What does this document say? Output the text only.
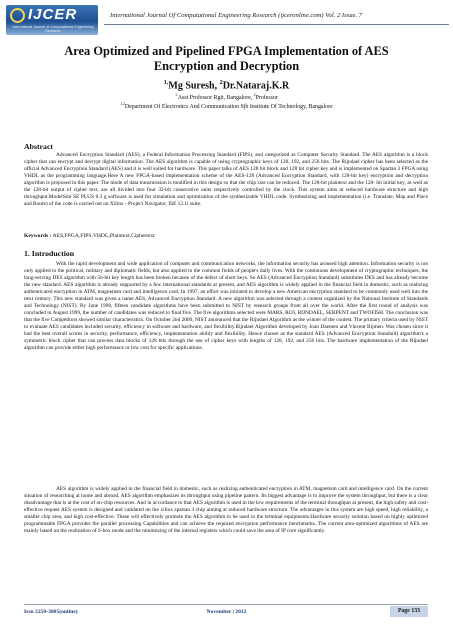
IJCER
International Journal of Computational Engineering Research
International Journal Of Computational Engineering Research (ijceronline.com) Vol. 2 Issue. 7
Area Optimized and Pipelined FPGA Implementation of AES Encryption and Decryption
$^{1,}$Mg Suresh, $^2$Dr.Nataraj.K.R
$^{1,}$Asst Professor Rgit, Bangalore, $^2$Professor
$^{1,2}$Department Of Electronics And Communication Sjb Institute Of Technology, Bangalore
Abstract

Advanced Encryption Standard (AES), a Federal Information Processing Standard (FIPS), and categorized as Computer Security Standard. The AES algorithm is a block cipher that can encrypt and decrypt digital information. The AES algorithm is capable of using cryptographic keys of 128, 192, and 256 bits. The Rijndael cipher has been selected as the official Advanced Encryption Standard (AES) and it is well suited for hardware. This paper talks of AES 128 bit block and 128 bit cipher key and is implemented on Spartan 3 FPGA using VHDL as the programming language.Here A new FPGA-based implementation scheme of the AES-128 (Advanced Encryption Standard, with 128-bit key) encryption and decryption algorithm is proposed in this paper. The mode of data transmission is modified in this design so that the chip size can be reduced. The 128-bit plaintext and the 128- bit initial key, as well as the 128-bit output of cipher text, are all divided into four 32-bit consecutive units respectively controlled by the clock. This system aims at reduced hardware structure and high throughput.ModelSim SE PLUS 6.3 g software is used for simulation and optimization of the synthesizable VHDL code. Synthesizing and implementation (i.e. Translate, Map and Place and Route) of the code is carried out on Xilinx - Project Navigator, ISE 12.1i suite.

Keywords : AES,FPGA,FIPS,VHDL,Plaintext,Ciphertext
1. Introduction

With the rapid development and wide application of computer and communication networks, the information security has aroused high attention. Information security is not only applied to the political, military and diplomatic fields, but also applied to the common fields of people's daily lives. With the continuous development of cryptographic techniques, the long-serving DES algorithm with 56-bit key length has been broken because of the defect of short keys. So AES (Advanced Encryption Standard) substitutes DES and has already become the new standard. AES algorithm is already supported by a few international standards at present, and AES algorithm is widely applied in the financial field in domestic, such as realizing authenticated encryption in ATM, magnetism card and intelligence card. In 1997, an effort was initiated to develop a new American encryption standard to be commonly used well into the next century. This new standard was given a name AES, Advanced Encryption Standard. A new algorithm was selected through a contest organized by the National Institute of Standards and Technology (NIST). By June 1998, fifteen candidate algorithms have been submitted to NIST by research groups from all over the world. After the first round of analysis was concluded in August 1999, the number of candidates was reduced to final five. The five algorithms selected were MARS, RC6, RIJNDAEL, SERPENT and TWOFISH. The conclusion was that the five Competitors showed similar characteristics. On October 2nd 2000, NIST announced that the Rijndael Algorithm as the winner of the contest. The primary criteria used by NIST to evaluate AES candidates included security, efficiency in software and hardware, and flexibility.Rijndael Algorithm developed by Joan Daemen and Vincent Rijmen. Was chosen since it had the best overall scores in security, performance, efficiency, implementation ability and flexibility. Hence chosen as the standard AES (Advanced Encryption Standard) algorithm's a symmetric block cipher that can process data blocks of 128 bits through the use of cipher keys with lengths of 128, 192, and 256 bits. The hardware implementation of the Rijndael algorithm can provide either high performance or low cost for specific applications.

AES algorithm is widely applied in the financial field in domestic, such as realizing authenticated encryption in ATM, magnetism card and intelligence card. On the current situation of researching at home and abroad, AES algorithm emphasizes its throughput using pipeline pattern. Its biggest advantage is to improve the system throughput, but there is a clear disadvantage that is at the cost of on-chip resources. And in accordance to that AES algorithm is used in the low requirements of the terminal throughput at present, the high safety and cost-effective request AES system is designed and validated on the xilinx spartan 3 chip aiming at reduced hardware structure. The advantages in this system are high speed, high reliability, a smaller chip area, and high cost-effective. These will effectively promote the AES algorithm to be used in the terminal equipments.Hardware security solution based on highly optimized programmable FPGA provides the parallel processing Capabilities and can achieve the required encryption performance benchmarks. The current area-optimized algorithms of AES are mainly based on the realization of S-box mode and the minimizing of the internal registers which could save the area of IP core significantly.

Issn 2250-3005(online)	November | 2012	Page 133
